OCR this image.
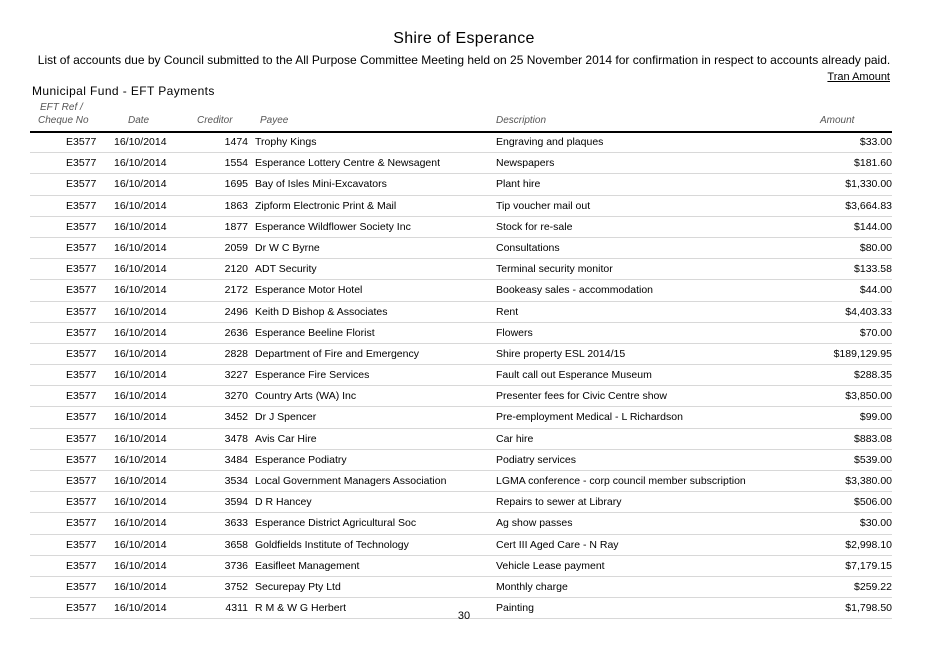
Shire of Esperance
List of accounts due by Council submitted to the All Purpose Committee Meeting held on 25 November 2014 for confirmation in respect to accounts already paid.
Tran Amount
Municipal Fund - EFT Payments
EFT Ref /
Cheque No	Date	Creditor	Payee	Description	Amount
E3577 16/10/2014	1474 Trophy Kings	Engraving and plaques	$33.00
E3577 16/10/2014	1554 Esperance Lottery Centre & Newsagent	Newspapers	$181.60
E3577 16/10/2014	1695 Bay of Isles Mini-Excavators	Plant hire	$1,330.00
E3577 16/10/2014	1863 Zipform Electronic Print & Mail	Tip voucher mail out	$3,664.83
E3577 16/10/2014	1877 Esperance Wildflower Society Inc	Stock for re-sale	$144.00
E3577 16/10/2014	2059 Dr W C Byrne	Consultations	$80.00
E3577 16/10/2014	2120 ADT Security	Terminal security monitor	$133.58
E3577 16/10/2014	2172 Esperance Motor Hotel	Bookeasy sales - accommodation	$44.00
E3577 16/10/2014	2496 Keith D Bishop & Associates	Rent	$4,403.33
E3577 16/10/2014	2636 Esperance Beeline Florist	Flowers	$70.00
E3577 16/10/2014	2828 Department of Fire and Emergency	Shire property ESL 2014/15	$189,129.95
E3577 16/10/2014	3227 Esperance Fire Services	Fault call out Esperance Museum	$288.35
E3577 16/10/2014	3270 Country Arts (WA) Inc	Presenter fees for Civic Centre show	$3,850.00
E3577 16/10/2014	3452 Dr J Spencer	Pre-employment Medical - L Richardson	$99.00
E3577 16/10/2014	3478 Avis Car Hire	Car hire	$883.08
E3577 16/10/2014	3484 Esperance Podiatry	Podiatry services	$539.00
E3577 16/10/2014	3534 Local Government Managers Association	LGMA conference - corp council member subscription	$3,380.00
E3577 16/10/2014	3594 D R Hancey	Repairs to sewer at Library	$506.00
E3577 16/10/2014	3633 Esperance District Agricultural Soc	Ag show passes	$30.00
E3577 16/10/2014	3658 Goldfields Institute of Technology	Cert III Aged Care - N Ray	$2,998.10
E3577 16/10/2014	3736 Easifleet Management	Vehicle Lease payment	$7,179.15
E3577 16/10/2014	3752 Securepay Pty Ltd	Monthly charge	$259.22
E3577 16/10/2014	4311 R M & W G Herbert	Painting	$1,798.50
30
